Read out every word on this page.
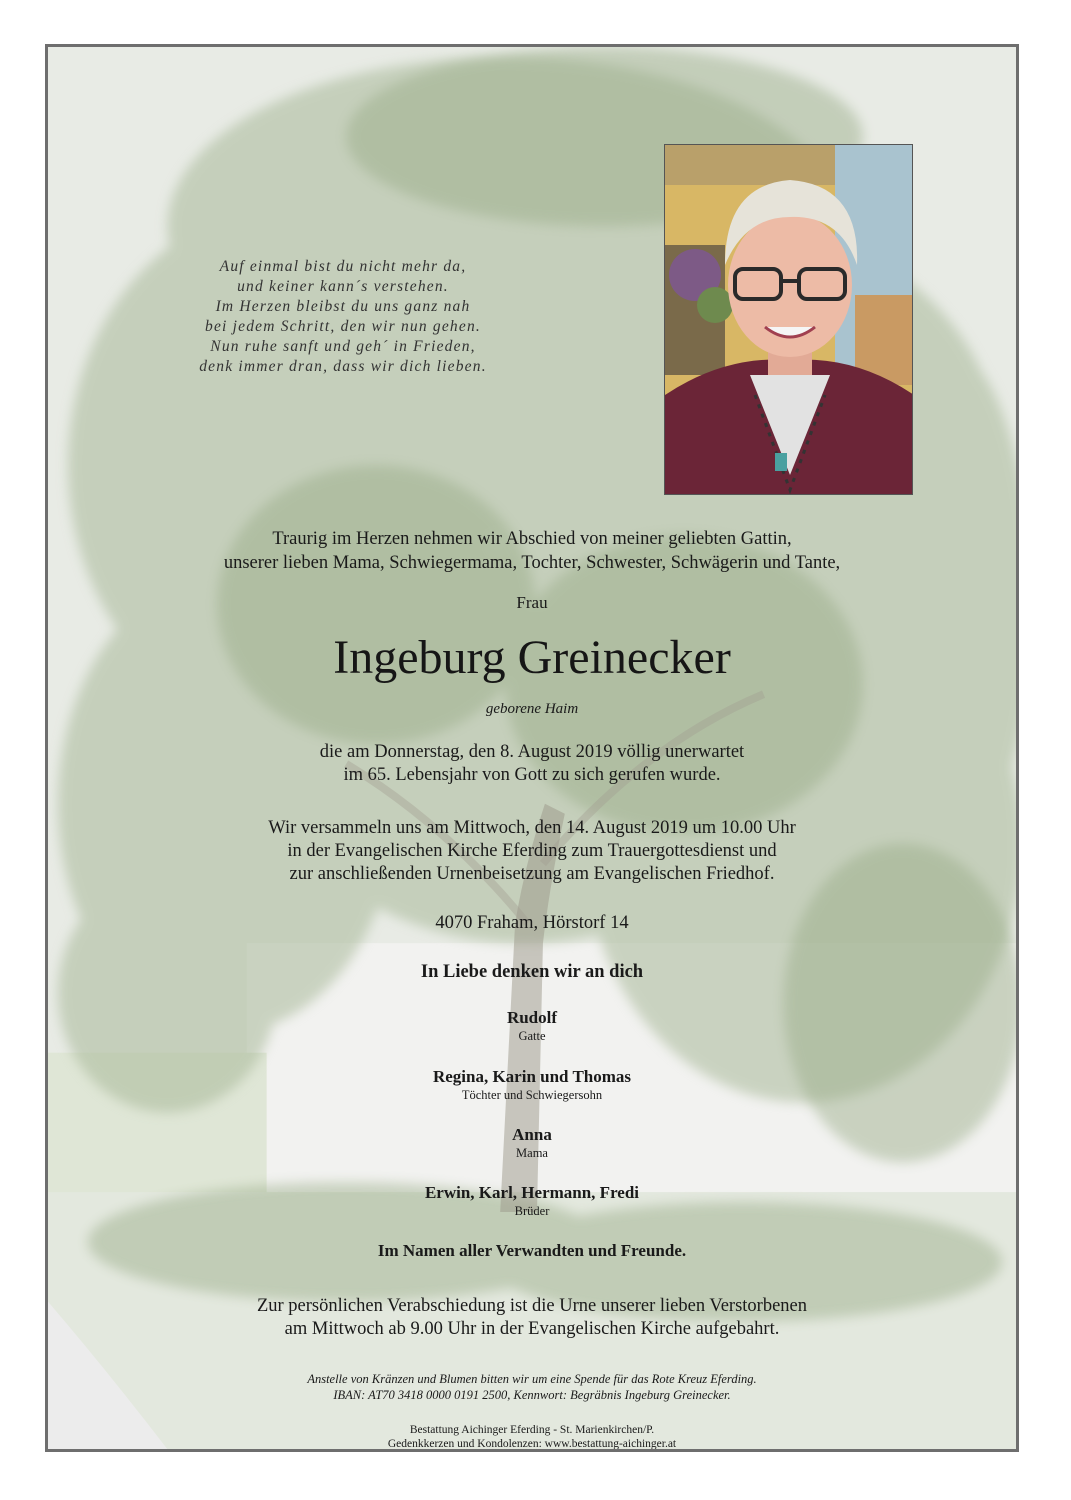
Auf einmal bist du nicht mehr da,
und keiner kann´s verstehen.
Im Herzen bleibst du uns ganz nah
bei jedem Schritt, den wir nun gehen.
Nun ruhe sanft und geh´ in Frieden,
denk immer dran, dass wir dich lieben.
Traurig im Herzen nehmen wir Abschied von meiner geliebten Gattin,
unserer lieben Mama, Schwiegermama, Tochter, Schwester, Schwägerin und Tante,
Frau
Ingeburg Greinecker
geborene Haim
die am Donnerstag, den 8. August 2019 völlig unerwartet
im 65. Lebensjahr von Gott zu sich gerufen wurde.
Wir versammeln uns am Mittwoch, den 14. August 2019 um 10.00 Uhr
in der Evangelischen Kirche Eferding zum Trauergottesdienst und
zur anschließenden Urnenbeisetzung am Evangelischen Friedhof.
4070 Fraham, Hörstorf 14
In Liebe denken wir an dich
Rudolf
Gatte
Regina, Karin und Thomas
Töchter und Schwiegersohn
Anna
Mama
Erwin, Karl, Hermann, Fredi
Brüder
Im Namen aller Verwandten und Freunde.
Zur persönlichen Verabschiedung ist die Urne unserer lieben Verstorbenen
am Mittwoch ab 9.00 Uhr in der Evangelischen Kirche aufgebahrt.
Anstelle von Kränzen und Blumen bitten wir um eine Spende für das Rote Kreuz Eferding.
IBAN: AT70 3418 0000 0191 2500, Kennwort: Begräbnis Ingeburg Greinecker.
Bestattung Aichinger Eferding - St. Marienkirchen/P.
Gedenkkerzen und Kondolenzen: www.bestattung-aichinger.at
